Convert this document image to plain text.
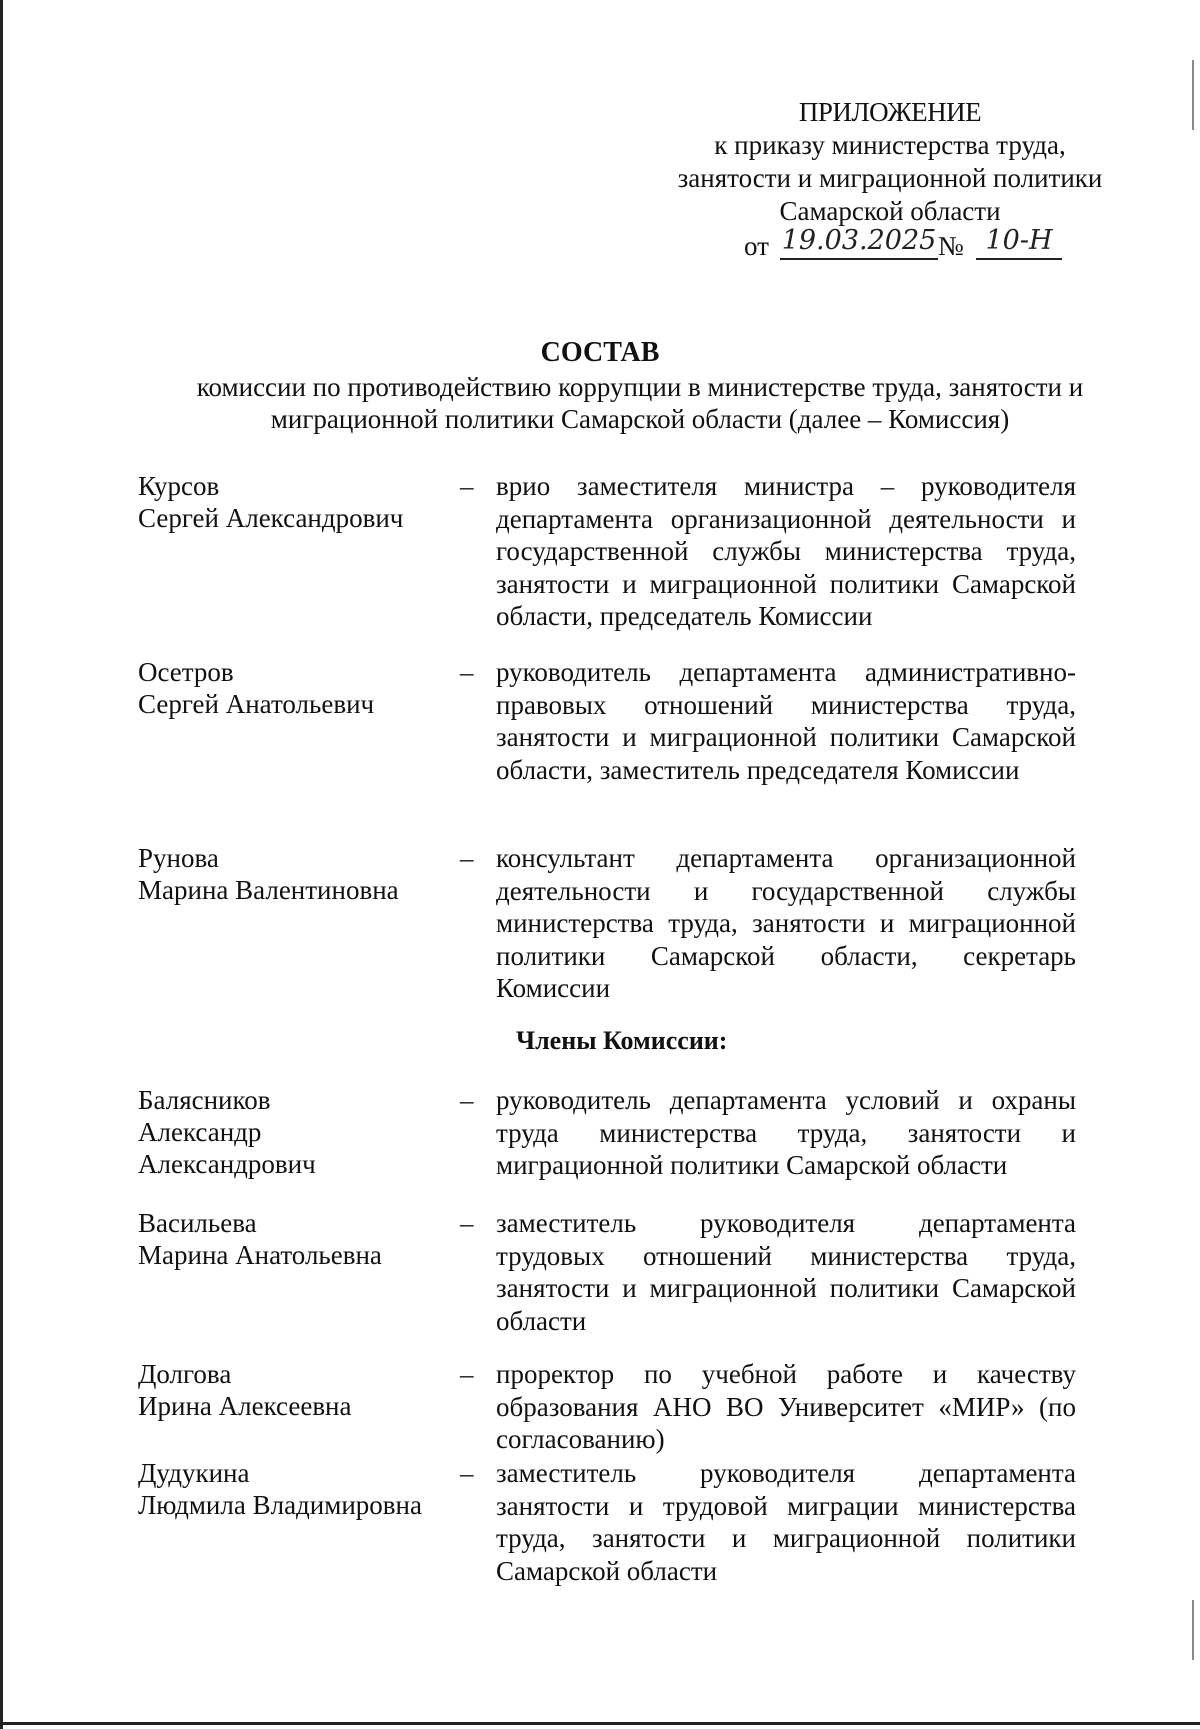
ПРИЛОЖЕНИЕ
к приказу министерства труда,
занятости и миграционной политики
Самарской области
от 19.03.2025 № 10-Н
СОСТАВ
комиссии по противодействию коррупции в министерстве труда, занятости и
миграционной политики Самарской области (далее – Комиссия)
Курсов
Сергей Александрович
– врио заместителя министра – руководителя департамента организационной деятельности и государственной службы министерства труда, занятости и миграционной политики Самарской области, председатель Комиссии
Осетров
Сергей Анатольевич
– руководитель департамента административно-правовых отношений министерства труда, занятости и миграционной политики Самарской области, заместитель председателя Комиссии
Рунова
Марина Валентиновна
– консультант департамента организационной деятельности и государственной службы министерства труда, занятости и миграционной политики Самарской области, секретарь Комиссии
Члены Комиссии:
Балясников
Александр Александрович
– руководитель департамента условий и охраны труда министерства труда, занятости и миграционной политики Самарской области
Васильева
Марина Анатольевна
– заместитель руководителя департамента трудовых отношений министерства труда, занятости и миграционной политики Самарской области
Долгова
Ирина Алексеевна
– проректор по учебной работе и качеству образования АНО ВО Университет «МИР» (по согласованию)
Дудукина
Людмила Владимировна
– заместитель руководителя департамента занятости и трудовой миграции министерства труда, занятости и миграционной политики Самарской области
